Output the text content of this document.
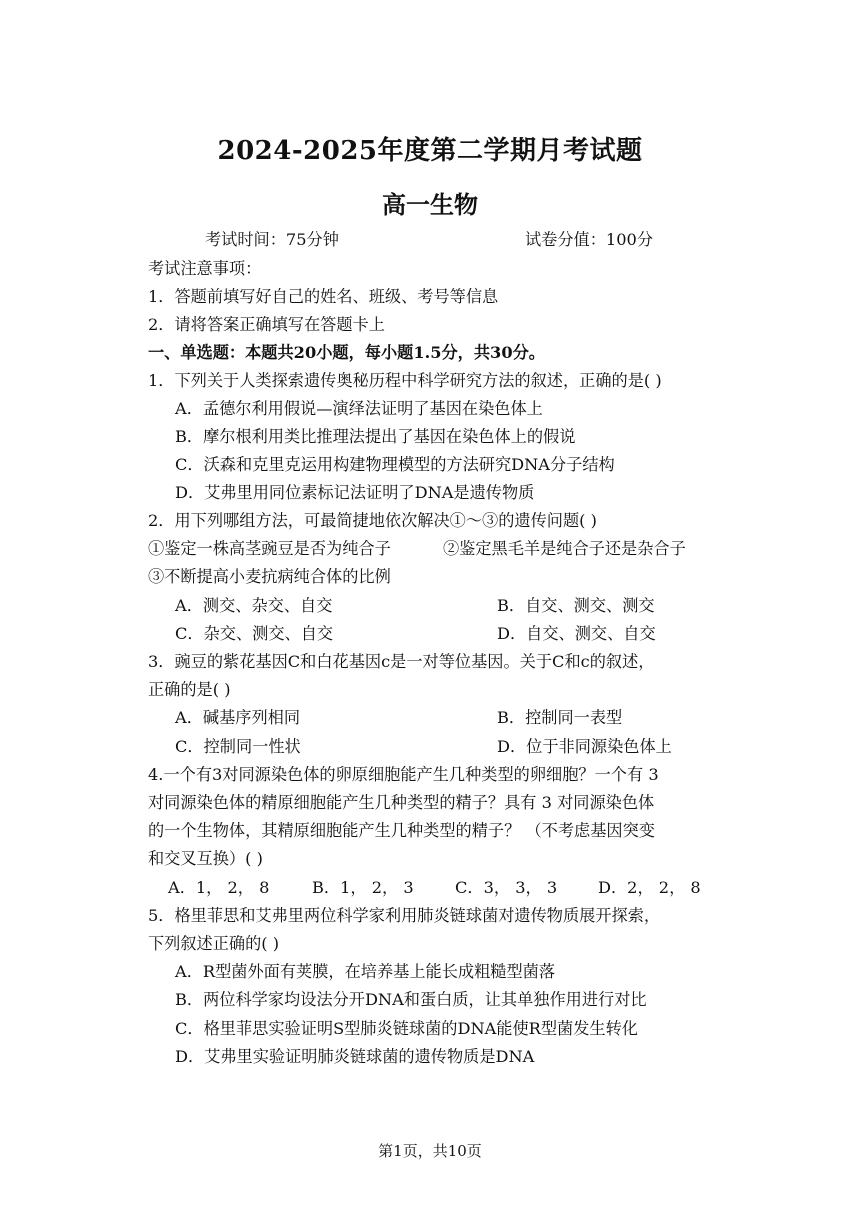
2024-2025年度第二学期月考试题
高一生物
考试时间：75分钟	试卷分值：100分
考试注意事项：
1．答题前填写好自己的姓名、班级、考号等信息
2．请将答案正确填写在答题卡上
一、单选题：本题共20小题，每小题1.5分，共30分。
1．下列关于人类探索遗传奥秘历程中科学研究方法的叙述，正确的是( )
A．孟德尔利用假说—演绎法证明了基因在染色体上
B．摩尔根利用类比推理法提出了基因在染色体上的假说
C．沃森和克里克运用构建物理模型的方法研究DNA分子结构
D．艾弗里用同位素标记法证明了DNA是遗传物质
2．用下列哪组方法，可最简捷地依次解决①～③的遗传问题( )
①鉴定一株高茎豌豆是否为纯合子	②鉴定黑毛羊是纯合子还是杂合子
③不断提高小麦抗病纯合体的比例
A．测交、杂交、自交	B．自交、测交、测交
C．杂交、测交、自交	D．自交、测交、自交
3．豌豆的紫花基因C和白花基因c是一对等位基因。关于C和c的叙述，
正确的是( )
A．碱基序列相同	B．控制同一表型
C．控制同一性状	D．位于非同源染色体上
4.一个有3对同源染色体的卵原细胞能产生几种类型的卵细胞？一个有 3
对同源染色体的精原细胞能产生几种类型的精子？具有 3 对同源染色体
的一个生物体，其精原细胞能产生几种类型的精子？ （不考虑基因突变
和交叉互换）( )
A．1， 2， 8	B．1， 2， 3	C．3， 3， 3	D．2， 2， 8
5．格里菲思和艾弗里两位科学家利用肺炎链球菌对遗传物质展开探索，
下列叙述正确的( )
A．R型菌外面有荚膜，在培养基上能长成粗糙型菌落
B．两位科学家均设法分开DNA和蛋白质，让其单独作用进行对比
C．格里菲思实验证明S型肺炎链球菌的DNA能使R型菌发生转化
D．艾弗里实验证明肺炎链球菌的遗传物质是DNA
第1页，共10页
